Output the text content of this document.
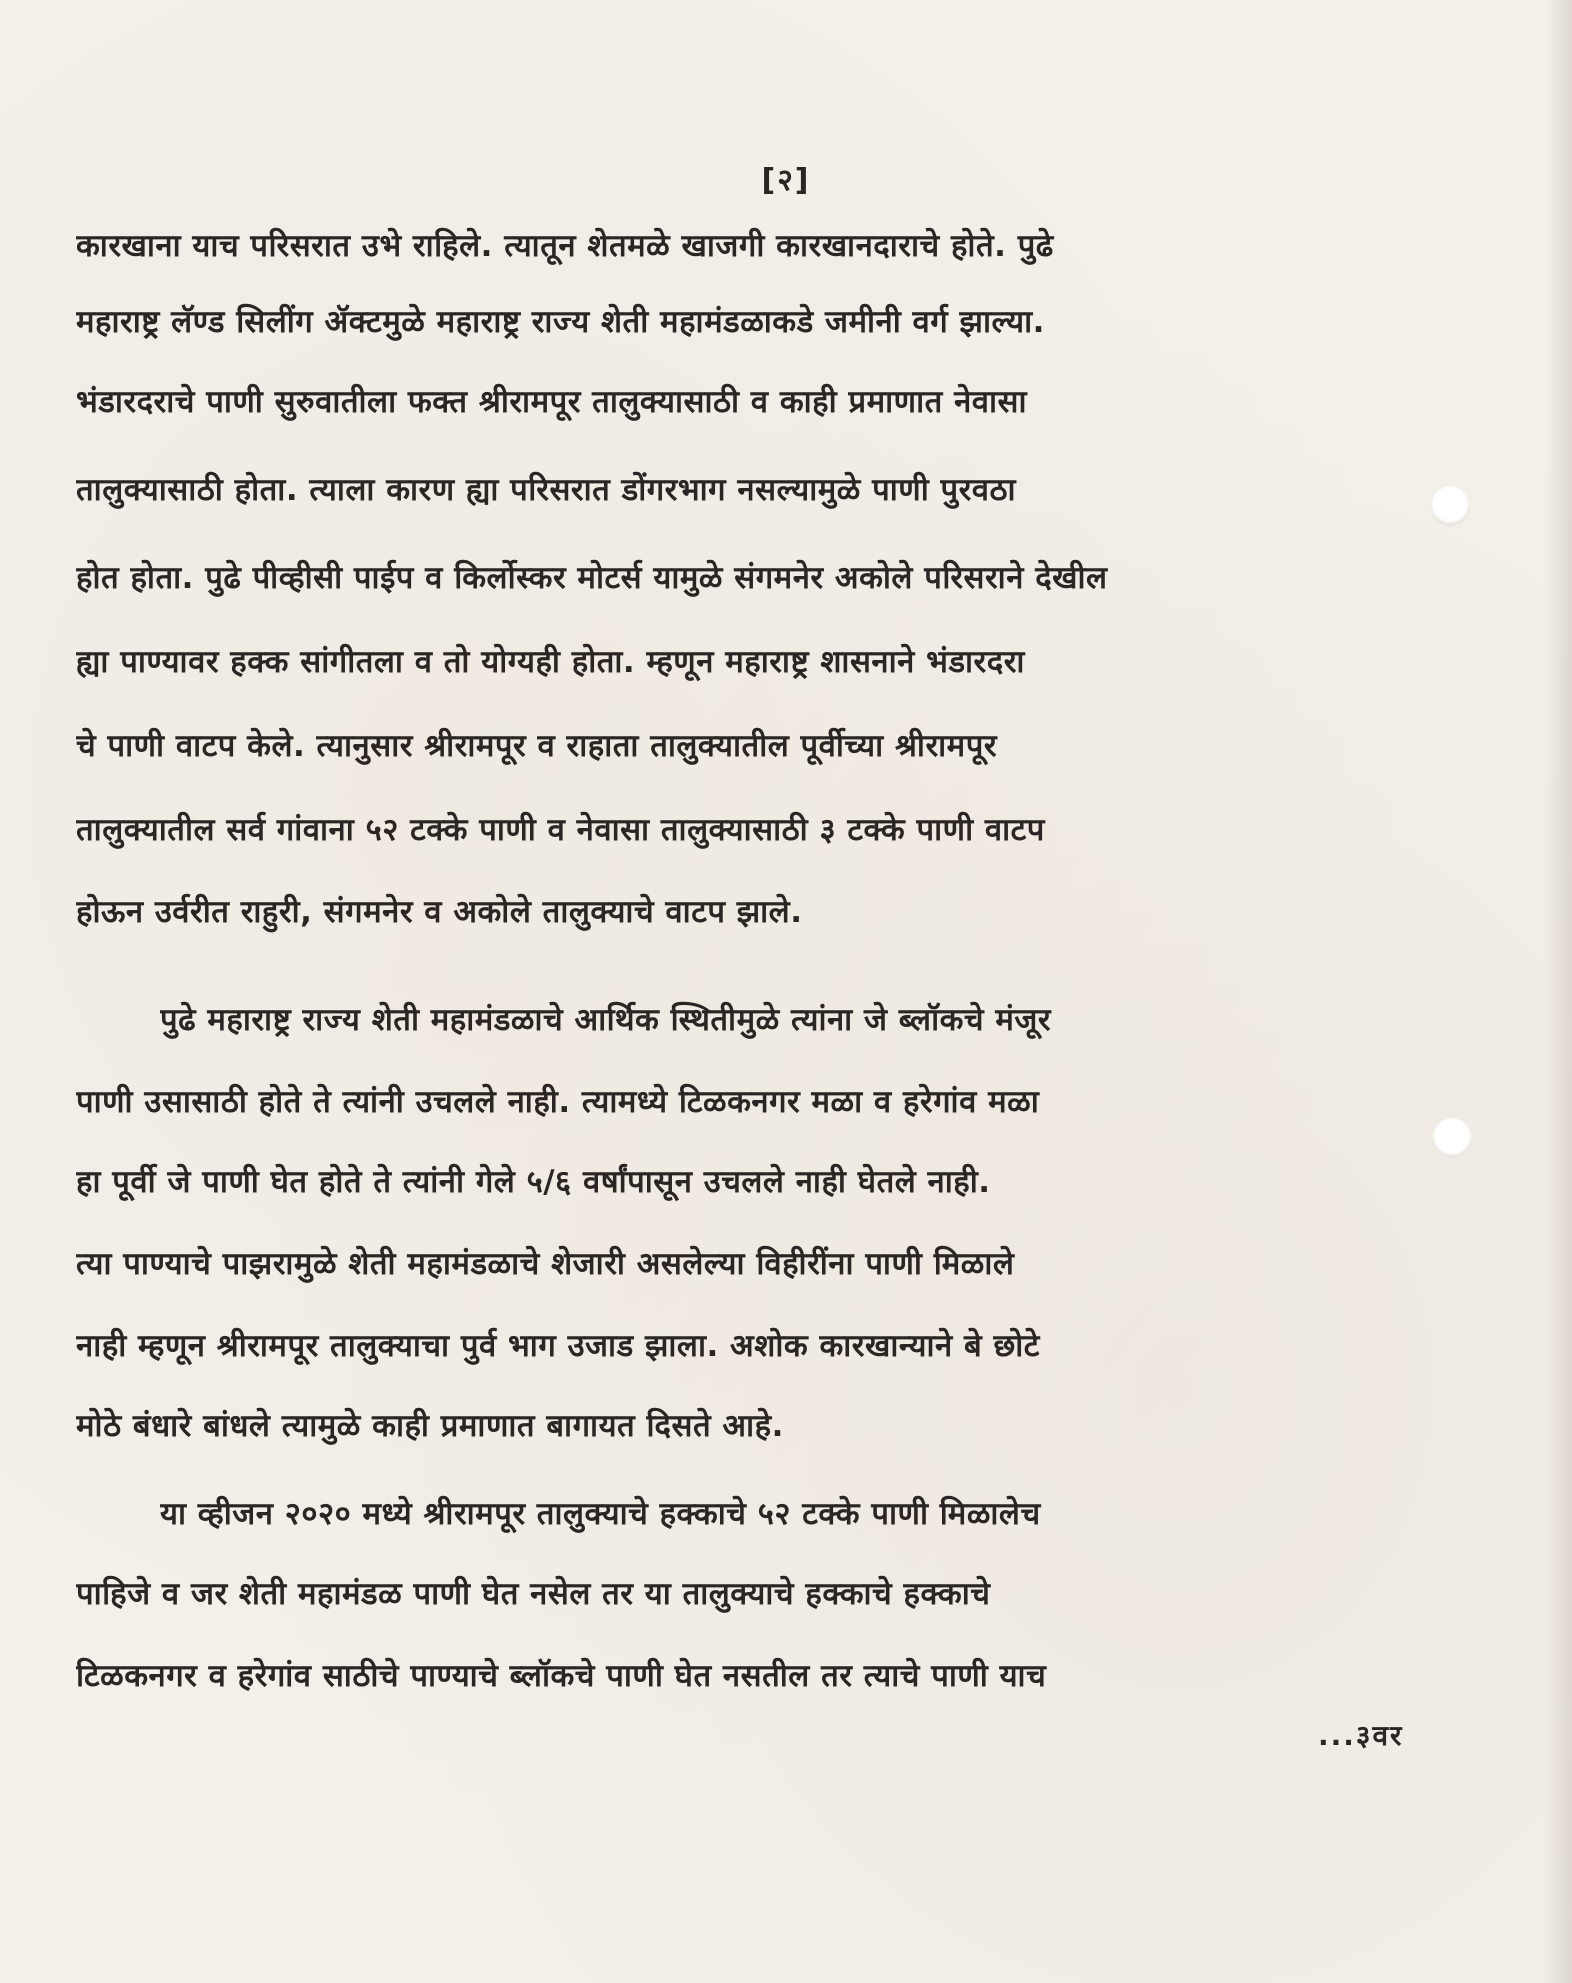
[२]
कारखाना याच परिसरात उभे राहिले. त्यातून शेतमळे खाजगी कारखानदाराचे होते. पुढे
महाराष्ट्र लॅण्ड सिलींग ॲक्टमुळे महाराष्ट्र राज्य शेती महामंडळाकडे जमीनी वर्ग झाल्या.
भंडारदराचे पाणी सुरुवातीला फक्त श्रीरामपूर तालुक्यासाठी व काही प्रमाणात नेवासा
तालुक्यासाठी होता. त्याला कारण ह्या परिसरात डोंगरभाग नसल्यामुळे पाणी पुरवठा
होत होता. पुढे पीव्हीसी पाईप व किर्लोस्कर मोटर्स यामुळे संगमनेर अकोले परिसराने देखील
ह्या पाण्यावर हक्क सांगीतला व तो योग्यही होता. म्हणून महाराष्ट्र शासनाने भंडारदरा
चे पाणी वाटप केले. त्यानुसार श्रीरामपूर व राहाता तालुक्यातील पूर्वीच्या श्रीरामपूर
तालुक्यातील सर्व गांवाना ५२ टक्के पाणी व नेवासा तालुक्यासाठी ३ टक्के पाणी वाटप
होऊन उर्वरीत राहुरी, संगमनेर व अकोले तालुक्याचे वाटप झाले.
पुढे महाराष्ट्र राज्य शेती महामंडळाचे आर्थिक स्थितीमुळे त्यांना जे ब्लॉकचे मंजूर
पाणी उसासाठी होते ते त्यांनी उचलले नाही. त्यामध्ये टिळकनगर मळा व हरेगांव मळा
हा पूर्वी जे पाणी घेत होते ते त्यांनी गेले ५/६ वर्षांपासून उचलले नाही घेतले नाही.
त्या पाण्याचे पाझरामुळे शेती महामंडळाचे शेजारी असलेल्या विहीरींना पाणी मिळाले
नाही म्हणून श्रीरामपूर तालुक्याचा पुर्व भाग उजाड झाला. अशोक कारखान्याने बे छोटे
मोठे बंधारे बांधले त्यामुळे काही प्रमाणात बागायत दिसते आहे.
या व्हीजन २०२० मध्ये श्रीरामपूर तालुक्याचे हक्काचे ५२ टक्के पाणी मिळालेच
पाहिजे व जर शेती महामंडळ पाणी घेत नसेल तर या तालुक्याचे हक्काचे हक्काचे
टिळकनगर व हरेगांव साठीचे पाण्याचे ब्लॉकचे पाणी घेत नसतील तर त्याचे पाणी याच
...३वर
